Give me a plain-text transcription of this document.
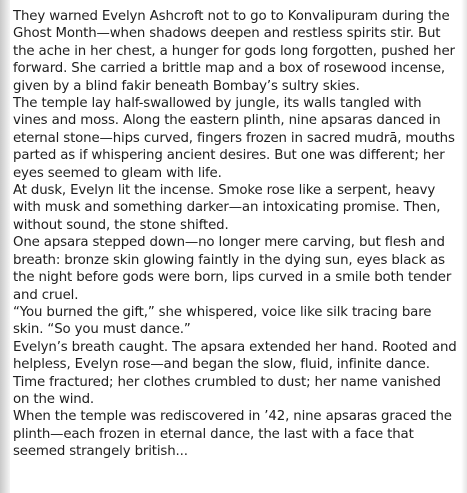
They warned Evelyn Ashcroft not to go to Konvalipuram during the Ghost Month—when shadows deepen and restless spirits stir. But the ache in her chest, a hunger for gods long forgotten, pushed her forward. She carried a brittle map and a box of rosewood incense, given by a blind fakir beneath Bombay’s sultry skies.

The temple lay half-swallowed by jungle, its walls tangled with vines and moss. Along the eastern plinth, nine apsaras danced in eternal stone—hips curved, fingers frozen in sacred mudrā, mouths parted as if whispering ancient desires. But one was different; her eyes seemed to gleam with life.

At dusk, Evelyn lit the incense. Smoke rose like a serpent, heavy with musk and something darker—an intoxicating promise. Then, without sound, the stone shifted.

One apsara stepped down—no longer mere carving, but flesh and breath: bronze skin glowing faintly in the dying sun, eyes black as the night before gods were born, lips curved in a smile both tender and cruel.

“You burned the gift,” she whispered, voice like silk tracing bare skin. “So you must dance.”

Evelyn’s breath caught. The apsara extended her hand. Rooted and helpless, Evelyn rose—and began the slow, fluid, infinite dance. Time fractured; her clothes crumbled to dust; her name vanished on the wind.

When the temple was rediscovered in ’42, nine apsaras graced the plinth—each frozen in eternal dance, the last with a face that seemed strangely british...
